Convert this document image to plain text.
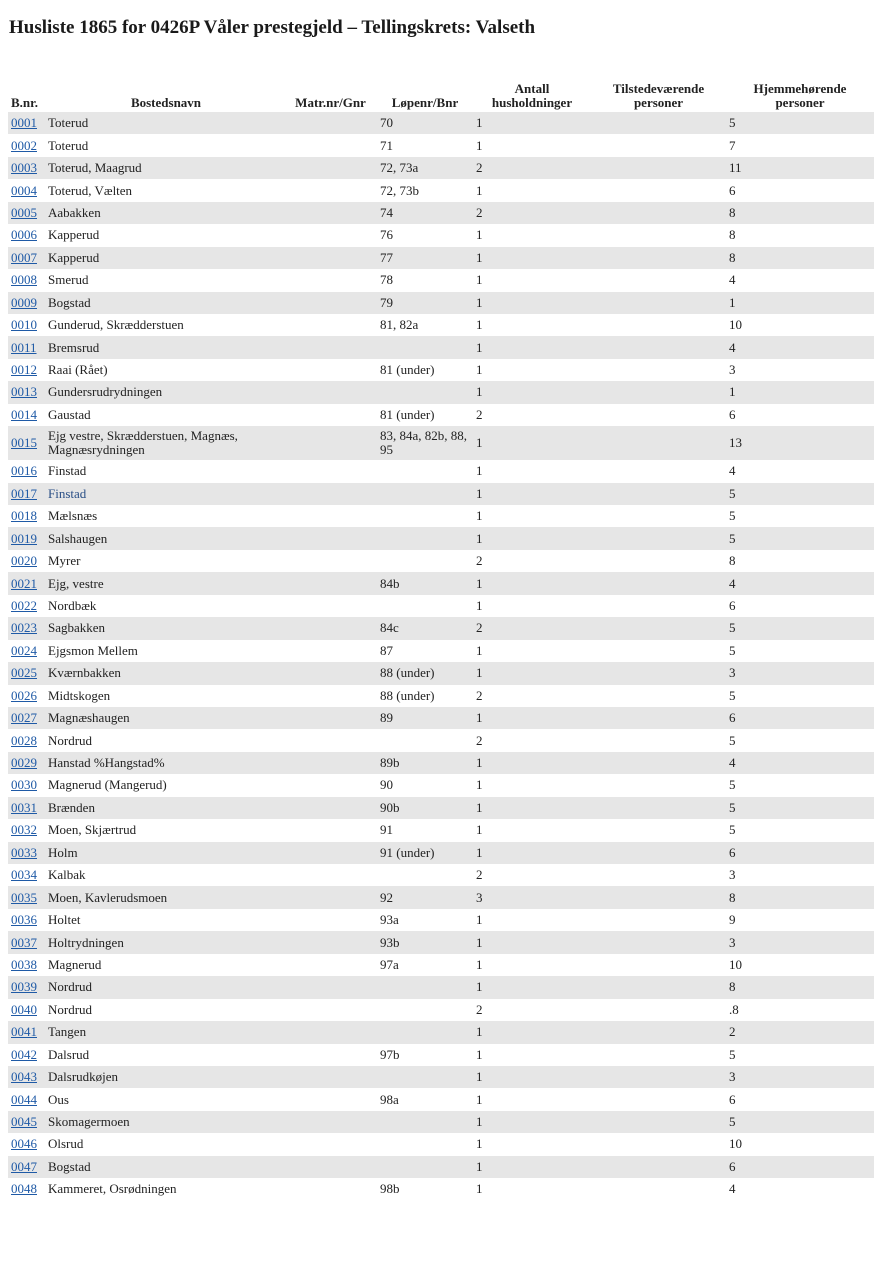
Husliste 1865 for 0426P Våler prestegjeld – Tellingskrets: Valseth
B.nr.	Bostedsnavn	Matr.nr/Gnr	Løpenr/Bnr	Antall husholdninger	Tilstedeværende personer	Hjemmehørende personer
0001	Toterud		70	1		5
0002	Toterud		71	1		7
0003	Toterud, Maagrud		72, 73a	2		11
0004	Toterud, Vælten		72, 73b	1		6
0005	Aabakken		74	2		8
0006	Kapperud		76	1		8
0007	Kapperud		77	1		8
0008	Smerud		78	1		4
0009	Bogstad		79	1		1
0010	Gunderud, Skrædderstuen		81, 82a	1		10
0011	Bremsrud			1		4
0012	Raai (Rået)		81 (under)	1		3
0013	Gundersrudrydningen			1		1
0014	Gaustad		81 (under)	2		6
0015	Ejg vestre, Skrædderstuen, Magnæs, Magnæsrydningen		83, 84a, 82b, 88, 95	1		13
0016	Finstad			1		4
0017	Finstad			1		5
0018	Mælsnæs			1		5
0019	Salshaugen			1		5
0020	Myrer			2		8
0021	Ejg, vestre		84b	1		4
0022	Nordbæk			1		6
0023	Sagbakken		84c	2		5
0024	Ejgsmon Mellem		87	1		5
0025	Kværnbakken		88 (under)	1		3
0026	Midtskogen		88 (under)	2		5
0027	Magnæshaugen		89	1		6
0028	Nordrud			2		5
0029	Hanstad %Hangstad%		89b	1		4
0030	Magnerud (Mangerud)		90	1		5
0031	Brænden		90b	1		5
0032	Moen, Skjærtrud		91	1		5
0033	Holm		91 (under)	1		6
0034	Kalbak			2		3
0035	Moen, Kavlerudsmoen		92	3		8
0036	Holtet		93a	1		9
0037	Holtrydningen		93b	1		3
0038	Magnerud		97a	1		10
0039	Nordrud			1		8
0040	Nordrud			2		.8
0041	Tangen			1		2
0042	Dalsrud		97b	1		5
0043	Dalsrudkøjen			1		3
0044	Ous		98a	1		6
0045	Skomagermoen			1		5
0046	Olsrud			1		10
0047	Bogstad			1		6
0048	Kammeret, Osrødningen		98b	1		4
